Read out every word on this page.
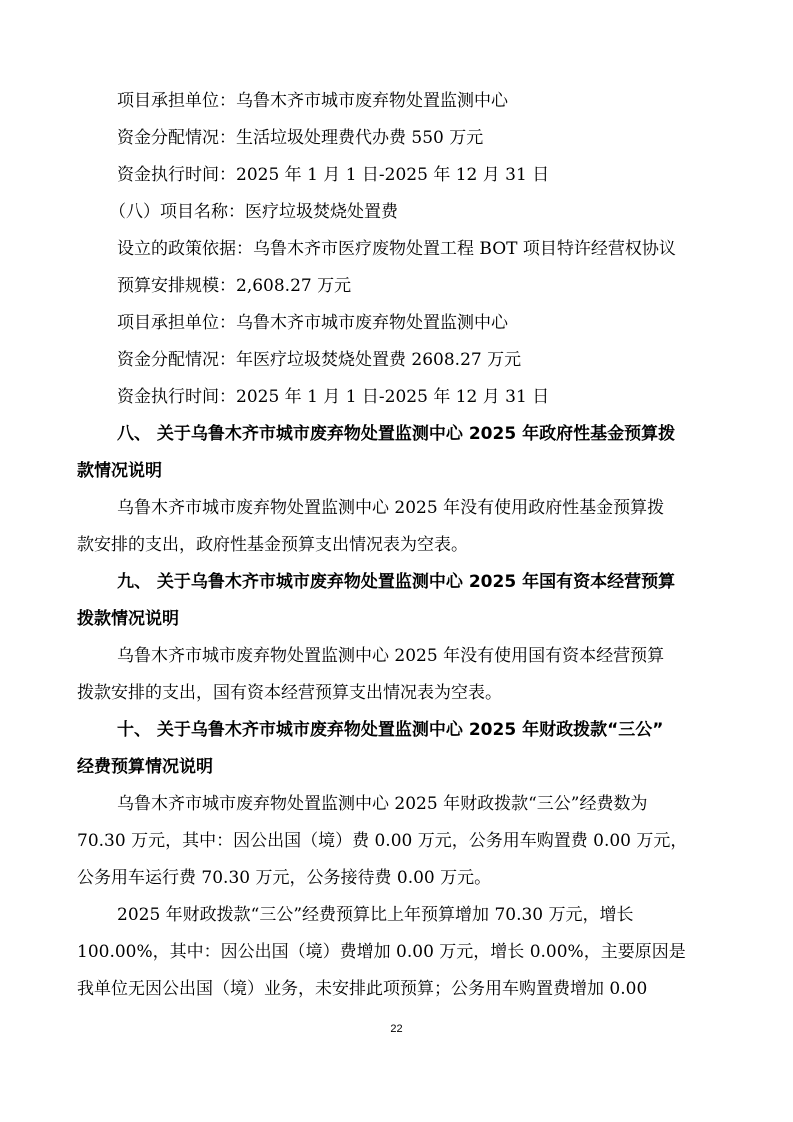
项目承担单位：乌鲁木齐市城市废弃物处置监测中心
资金分配情况：生活垃圾处理费代办费 550 万元
资金执行时间：2025 年 1 月 1 日-2025 年 12 月 31 日
（八）项目名称：医疗垃圾焚烧处置费
设立的政策依据：乌鲁木齐市医疗废物处置工程 BOT 项目特许经营权协议
预算安排规模：2,608.27 万元
项目承担单位：乌鲁木齐市城市废弃物处置监测中心
资金分配情况：年医疗垃圾焚烧处置费 2608.27 万元
资金执行时间：2025 年 1 月 1 日-2025 年 12 月 31 日
八、 关于乌鲁木齐市城市废弃物处置监测中心 2025 年政府性基金预算拨
款情况说明
乌鲁木齐市城市废弃物处置监测中心 2025 年没有使用政府性基金预算拨
款安排的支出，政府性基金预算支出情况表为空表。
九、 关于乌鲁木齐市城市废弃物处置监测中心 2025 年国有资本经营预算
拨款情况说明
乌鲁木齐市城市废弃物处置监测中心 2025 年没有使用国有资本经营预算
拨款安排的支出，国有资本经营预算支出情况表为空表。
十、 关于乌鲁木齐市城市废弃物处置监测中心 2025 年财政拨款“三公”
经费预算情况说明
乌鲁木齐市城市废弃物处置监测中心 2025 年财政拨款“三公”经费数为
70.30 万元，其中：因公出国（境）费 0.00 万元，公务用车购置费 0.00 万元，
公务用车运行费 70.30 万元，公务接待费 0.00 万元。
2025 年财政拨款“三公”经费预算比上年预算增加 70.30 万元，增长
100.00%，其中：因公出国（境）费增加 0.00 万元，增长 0.00%，主要原因是
我单位无因公出国（境）业务，未安排此项预算；公务用车购置费增加 0.00
22
